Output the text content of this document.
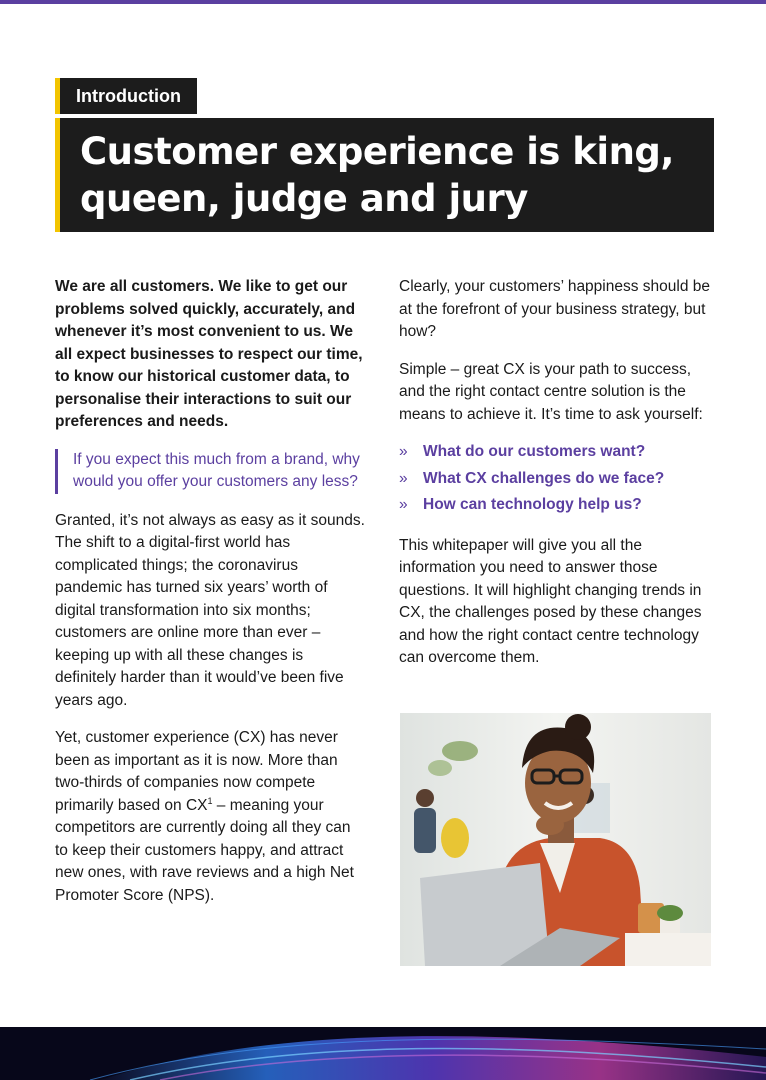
Introduction
Customer experience is king,
queen, judge and jury

We are all customers. We like to get our problems solved quickly, accurately, and whenever it’s most convenient to us. We all expect businesses to respect our time, to know our historical customer data, to personalise their interactions to suit our preferences and needs.

If you expect this much from a brand, why would you offer your customers any less?

Granted, it’s not always as easy as it sounds. The shift to a digital-first world has complicated things; the coronavirus pandemic has turned six years’ worth of digital transformation into six months; customers are online more than ever – keeping up with all these changes is definitely harder than it would’ve been five years ago.

Yet, customer experience (CX) has never been as important as it is now. More than two-thirds of companies now compete primarily based on $CX^1$ – meaning your competitors are currently doing all they can to keep their customers happy, and attract new ones, with rave reviews and a high Net Promoter Score (NPS).

Clearly, your customers’ happiness should be at the forefront of your business strategy, but how?

Simple – great CX is your path to success, and the right contact centre solution is the means to achieve it. It’s time to ask yourself:

» What do our customers want?
» What CX challenges do we face?
» How can technology help us?

This whitepaper will give you all the information you need to answer those questions. It will highlight changing trends in CX, the challenges posed by these changes and how the right contact centre technology can overcome them.
